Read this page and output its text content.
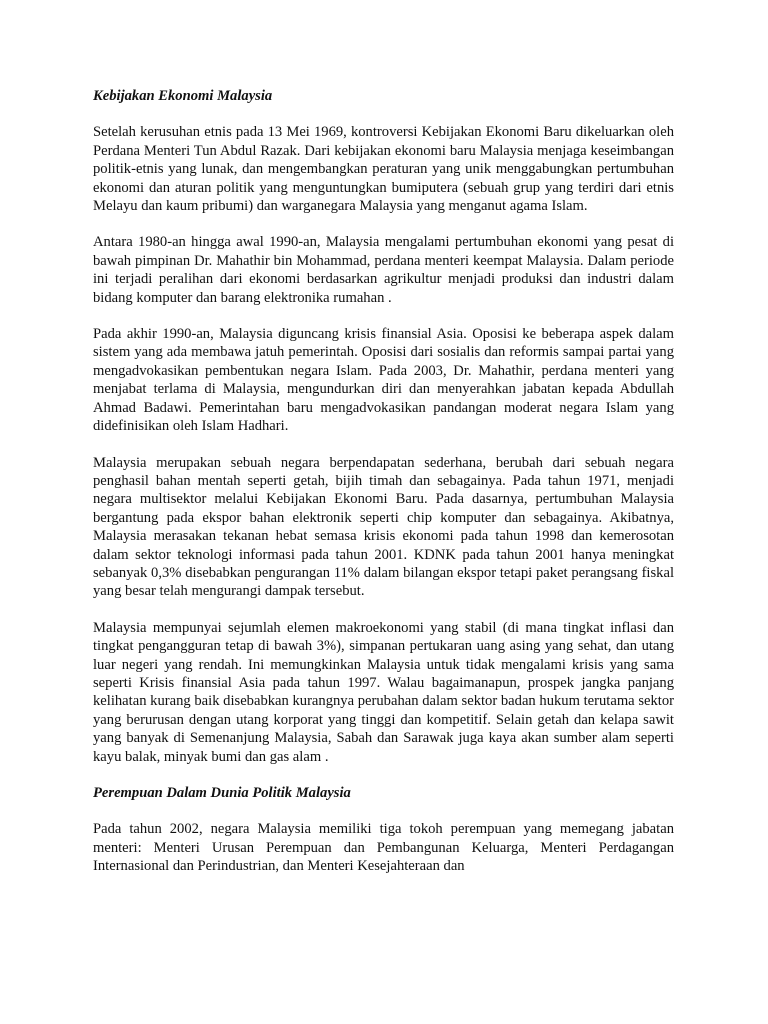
Kebijakan Ekonomi Malaysia

Setelah kerusuhan etnis pada 13 Mei 1969, kontroversi Kebijakan Ekonomi Baru dikeluarkan oleh Perdana Menteri Tun Abdul Razak. Dari kebijakan ekonomi baru Malaysia menjaga keseimbangan politik-etnis yang lunak, dan mengembangkan peraturan yang unik menggabungkan pertumbuhan ekonomi dan aturan politik yang menguntungkan bumiputera (sebuah grup yang terdiri dari etnis Melayu dan kaum pribumi) dan warganegara Malaysia yang menganut agama Islam.

Antara 1980-an hingga awal 1990-an, Malaysia mengalami pertumbuhan ekonomi yang pesat di bawah pimpinan Dr. Mahathir bin Mohammad, perdana menteri keempat Malaysia. Dalam periode ini terjadi peralihan dari ekonomi berdasarkan agrikultur menjadi produksi dan industri dalam bidang komputer dan barang elektronika rumahan .

Pada akhir 1990-an, Malaysia diguncang krisis finansial Asia. Oposisi ke beberapa aspek dalam sistem yang ada membawa jatuh pemerintah. Oposisi dari sosialis dan reformis sampai partai yang mengadvokasikan pembentukan negara Islam. Pada 2003, Dr. Mahathir, perdana menteri yang menjabat terlama di Malaysia, mengundurkan diri dan menyerahkan jabatan kepada Abdullah Ahmad Badawi. Pemerintahan baru mengadvokasikan pandangan moderat negara Islam yang didefinisikan oleh Islam Hadhari.

Malaysia merupakan sebuah negara berpendapatan sederhana, berubah dari sebuah negara penghasil bahan mentah seperti getah, bijih timah dan sebagainya. Pada tahun 1971, menjadi negara multisektor melalui Kebijakan Ekonomi Baru. Pada dasarnya, pertumbuhan Malaysia bergantung pada ekspor bahan elektronik seperti chip komputer dan sebagainya. Akibatnya, Malaysia merasakan tekanan hebat semasa krisis ekonomi pada tahun 1998 dan kemerosotan dalam sektor teknologi informasi pada tahun 2001. KDNK pada tahun 2001 hanya meningkat sebanyak 0,3% disebabkan pengurangan 11% dalam bilangan ekspor tetapi paket perangsang fiskal yang besar telah mengurangi dampak tersebut.

Malaysia mempunyai sejumlah elemen makroekonomi yang stabil (di mana tingkat inflasi dan tingkat pengangguran tetap di bawah 3%), simpanan pertukaran uang asing yang sehat, dan utang luar negeri yang rendah. Ini memungkinkan Malaysia untuk tidak mengalami krisis yang sama seperti Krisis finansial Asia pada tahun 1997. Walau bagaimanapun, prospek jangka panjang kelihatan kurang baik disebabkan kurangnya perubahan dalam sektor badan hukum terutama sektor yang berurusan dengan utang korporat yang tinggi dan kompetitif. Selain getah dan kelapa sawit yang banyak di Semenanjung Malaysia, Sabah dan Sarawak juga kaya akan sumber alam seperti kayu balak, minyak bumi dan gas alam .

Perempuan Dalam Dunia Politik Malaysia

Pada tahun 2002, negara Malaysia memiliki tiga tokoh perempuan yang memegang jabatan menteri: Menteri Urusan Perempuan dan Pembangunan Keluarga, Menteri Perdagangan Internasional dan Perindustrian, dan Menteri Kesejahteraan dan
